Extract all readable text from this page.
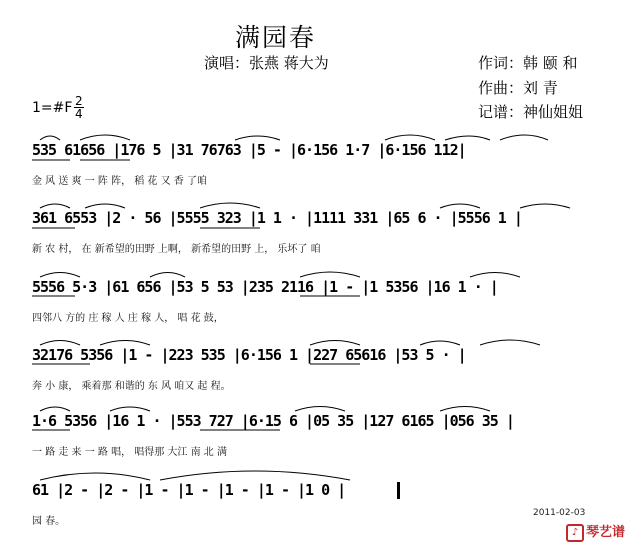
满园春
演唱：张燕 蒋大为	作词：韩 颐 和
作曲：刘 青
记谱：神仙姐姐
1=#F 2
4
535 61656 |176 5 |31 76763 |5 - |6·156 1·7 |6·156 112|
金 风 送 爽 一 阵 阵， 稻 花 又 香 了咱
361 6553 |2 · 56 |5555 323 |1 1 · |1111 331 |65 6 · |5556 1 |
新 农 村， 在 新希望的田野 上啊， 新希望的田野 上， 乐坏了 咱
5556 5·3 |61 656 |53 5 53 |235 2116 |1 - |1 5356 |16 1 · |
四邻八 方的 庄 稼 人 庄 稼 人， 唱 花 鼓，
32176 5356 |1 - |223 535 |6·156 1 |227 65616 |53 5 · |
奔 小 康， 乘着那 和谐的 东 风 咱又 起 程。
1·6 5356 |16 1 · |553 727 |6·15 6 |05 35 |127 6165 |056 35 |
一 路 走 来 一 路 唱， 唱得那 大江 南 北 满
61 |2 - |2 - |1 - |1 - |1 - |1 - |1 0 |
园 春。
2011-02-03
♪ 琴艺谱
